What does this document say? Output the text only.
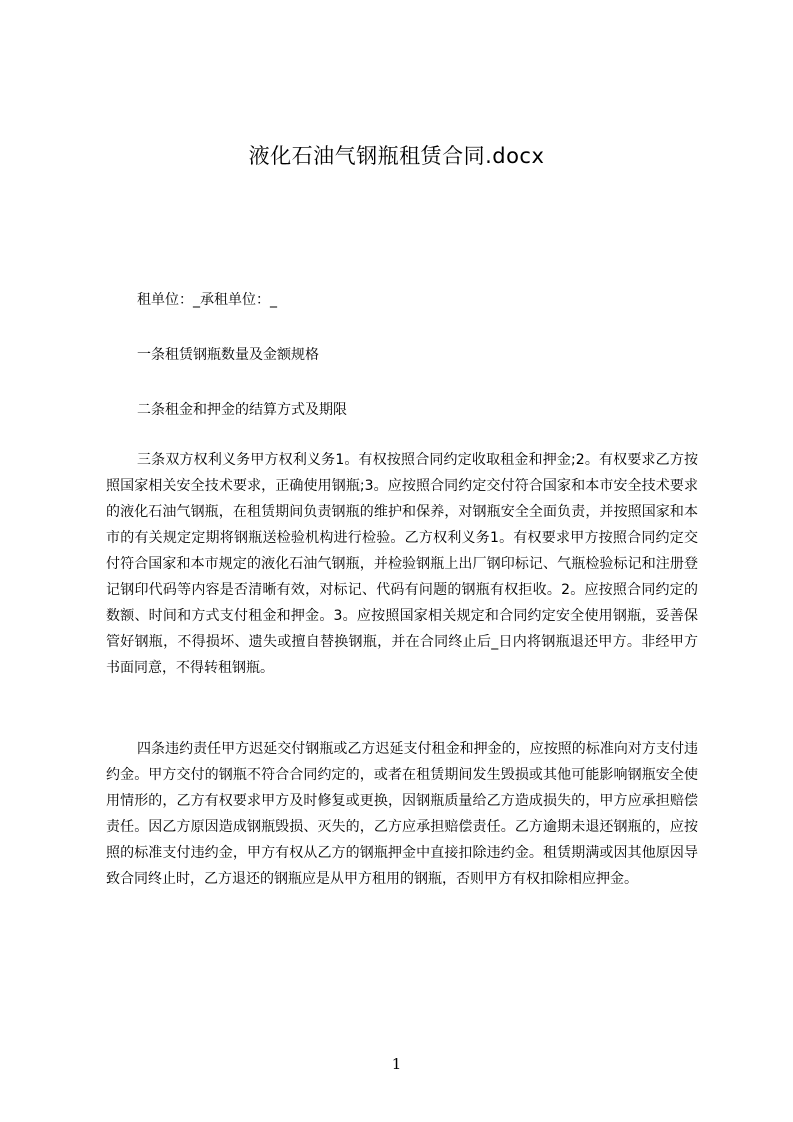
液化石油气钢瓶租赁合同.docx

租单位：_承租单位：_

一条租赁钢瓶数量及金额规格

二条租金和押金的结算方式及期限

三条双方权利义务甲方权利义务1。有权按照合同约定收取租金和押金;2。有权要求乙方按照国家相关安全技术要求，正确使用钢瓶;3。应按照合同约定交付符合国家和本市安全技术要求的液化石油气钢瓶，在租赁期间负责钢瓶的维护和保养，对钢瓶安全全面负责，并按照国家和本市的有关规定定期将钢瓶送检验机构进行检验。乙方权利义务1。有权要求甲方按照合同约定交付符合国家和本市规定的液化石油气钢瓶，并检验钢瓶上出厂钢印标记、气瓶检验标记和注册登记钢印代码等内容是否清晰有效，对标记、代码有问题的钢瓶有权拒收。2。应按照合同约定的数额、时间和方式支付租金和押金。3。应按照国家相关规定和合同约定安全使用钢瓶，妥善保管好钢瓶，不得损坏、遗失或擅自替换钢瓶，并在合同终止后_日内将钢瓶退还甲方。非经甲方书面同意，不得转租钢瓶。

四条违约责任甲方迟延交付钢瓶或乙方迟延支付租金和押金的，应按照的标准向对方支付违约金。甲方交付的钢瓶不符合合同约定的，或者在租赁期间发生毁损或其他可能影响钢瓶安全使用情形的，乙方有权要求甲方及时修复或更换，因钢瓶质量给乙方造成损失的，甲方应承担赔偿责任。因乙方原因造成钢瓶毁损、灭失的，乙方应承担赔偿责任。乙方逾期未退还钢瓶的，应按照的标准支付违约金，甲方有权从乙方的钢瓶押金中直接扣除违约金。租赁期满或因其他原因导致合同终止时，乙方退还的钢瓶应是从甲方租用的钢瓶，否则甲方有权扣除相应押金。

1
